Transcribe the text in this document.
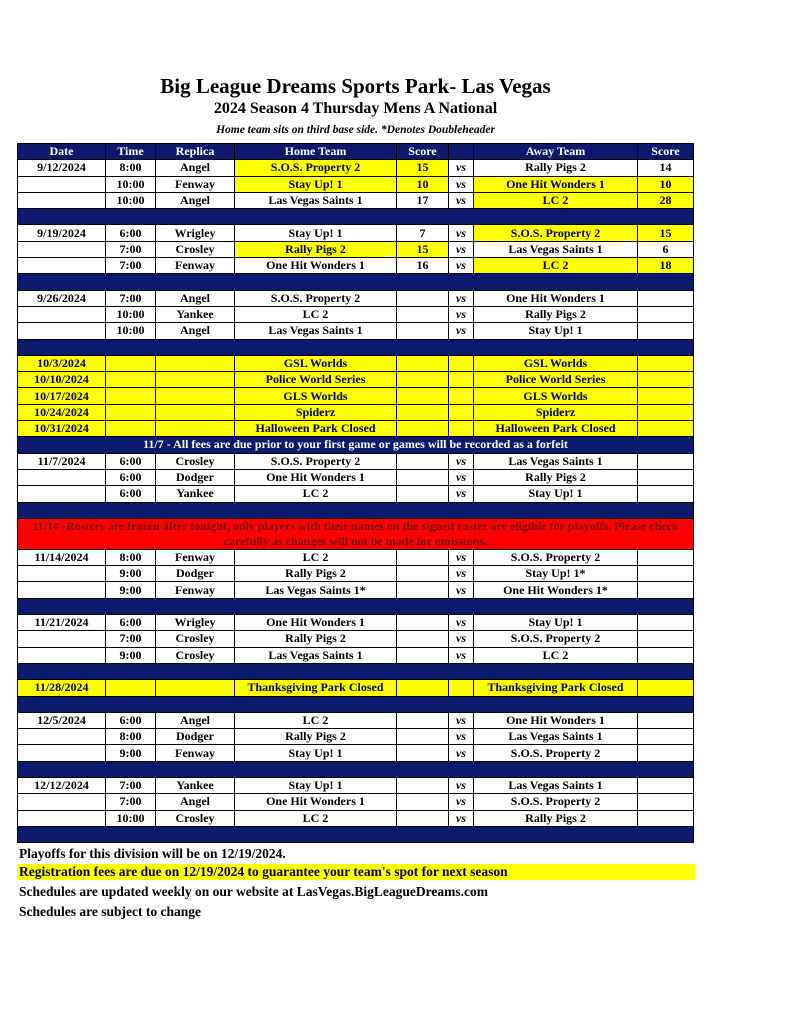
Big League Dreams Sports Park- Las Vegas
2024 Season 4 Thursday Mens A National
Home team sits on third base side. *Denotes Doubleheader
Date	Time	Replica	Home Team	Score		Away Team	Score
9/12/2024	8:00	Angel	S.O.S. Property 2	15	vs	Rally Pigs 2	14
	10:00	Fenway	Stay Up! 1	10	vs	One Hit Wonders 1	10
	10:00	Angel	Las Vegas Saints 1	17	vs	LC 2	28

9/19/2024	6:00	Wrigley	Stay Up! 1	7	vs	S.O.S. Property 2	15
	7:00	Crosley	Rally Pigs 2	15	vs	Las Vegas Saints 1	6
	7:00	Fenway	One Hit Wonders 1	16	vs	LC 2	18

9/26/2024	7:00	Angel	S.O.S. Property 2		vs	One Hit Wonders 1	
	10:00	Yankee	LC 2		vs	Rally Pigs 2	
	10:00	Angel	Las Vegas Saints 1		vs	Stay Up! 1	

10/3/2024			GSL Worlds			GSL Worlds	
10/10/2024			Police World Series			Police World Series	
10/17/2024			GLS Worlds			GLS Worlds	
10/24/2024			Spiderz			Spiderz	
10/31/2024			Halloween Park Closed			Halloween Park Closed	
11/7 - All fees are due prior to your first game or games will be recorded as a forfeit							
11/7/2024	6:00	Crosley	S.O.S. Property 2		vs	Las Vegas Saints 1	
	6:00	Dodger	One Hit Wonders 1		vs	Rally Pigs 2	
	6:00	Yankee	LC 2		vs	Stay Up! 1	

11/14 -Rosters are frozen after tonight, only players with their names on the signed roster are eligible for playoffs. Please check carefully as changes will not be made for omissions.							
11/14/2024	8:00	Fenway	LC 2		vs	S.O.S. Property 2	
	9:00	Dodger	Rally Pigs 2		vs	Stay Up! 1*	
	9:00	Fenway	Las Vegas Saints 1*		vs	One Hit Wonders 1*	

11/21/2024	6:00	Wrigley	One Hit Wonders 1		vs	Stay Up! 1	
	7:00	Crosley	Rally Pigs 2		vs	S.O.S. Property 2	
	9:00	Crosley	Las Vegas Saints 1		vs	LC 2	

11/28/2024			Thanksgiving Park Closed			Thanksgiving Park Closed	

12/5/2024	6:00	Angel	LC 2		vs	One Hit Wonders 1	
	8:00	Dodger	Rally Pigs 2		vs	Las Vegas Saints 1	
	9:00	Fenway	Stay Up! 1		vs	S.O.S. Property 2	

12/12/2024	7:00	Yankee	Stay Up! 1		vs	Las Vegas Saints 1	
	7:00	Angel	One Hit Wonders 1		vs	S.O.S. Property 2	
	10:00	Crosley	LC 2		vs	Rally Pigs 2	

Playoffs for this division will be on 12/19/2024.
Registration fees are due on 12/19/2024 to guarantee your team's spot for next season
Schedules are updated weekly on our website at LasVegas.BigLeagueDreams.com
Schedules are subject to change
